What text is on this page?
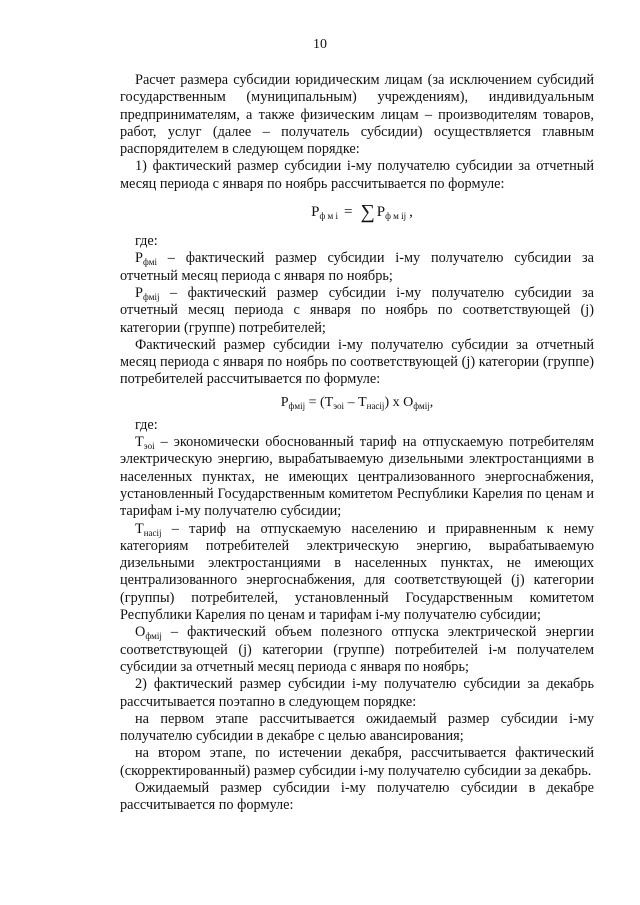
10

Расчет размера субсидии юридическим лицам (за исключением субсидий государственным (муниципальным) учреждениям), индивидуальным предпринимателям, а также физическим лицам – производителям товаров, работ, услуг (далее – получатель субсидии) осуществляется главным распорядителем в следующем порядке:

1) фактический размер субсидии i-му получателю субсидии за отчетный месяц периода с января по ноябрь рассчитывается по формуле:

$Р_{ф м i}$ = ∑ $Р_{ф м ij}$ ,

где:

$Р_{фмi}$ – фактический размер субсидии i-му получателю субсидии за отчетный месяц периода с января по ноябрь;

$Р_{фмij}$ – фактический размер субсидии i-му получателю субсидии за отчетный месяц периода с января по ноябрь по соответствующей (j) категории (группе) потребителей;

Фактический размер субсидии i-му получателю субсидии за отчетный месяц периода с января по ноябрь по соответствующей (j) категории (группе) потребителей рассчитывается по формуле:

$Р_{фмij} = (Т_{эоi} - Т_{насij})$ х $О_{фмij}$,

где:

$Т_{эоi}$ – экономически обоснованный тариф на отпускаемую потребителям электрическую энергию, вырабатываемую дизельными электростанциями в населенных пунктах, не имеющих централизованного энергоснабжения, установленный Государственным комитетом Республики Карелия по ценам и тарифам i-му получателю субсидии;

$Т_{насij}$ – тариф на отпускаемую населению и приравненным к нему категориям потребителей электрическую энергию, вырабатываемую дизельными электростанциями в населенных пунктах, не имеющих централизованного энергоснабжения, для соответствующей (j) категории (группы) потребителей, установленный Государственным комитетом Республики Карелия по ценам и тарифам i-му получателю субсидии;

$О_{фмij}$ – фактический объем полезного отпуска электрической энергии соответствующей (j) категории (группе) потребителей i-м получателем субсидии за отчетный месяц периода с января по ноябрь;

2) фактический размер субсидии i-му получателю субсидии за декабрь рассчитывается поэтапно в следующем порядке:

на первом этапе рассчитывается ожидаемый размер субсидии i-му получателю субсидии в декабре с целью авансирования;

на втором этапе, по истечении декабря, рассчитывается фактический (скорректированный) размер субсидии i-му получателю субсидии за декабрь.

Ожидаемый размер субсидии i-му получателю субсидии в декабре рассчитывается по формуле:
